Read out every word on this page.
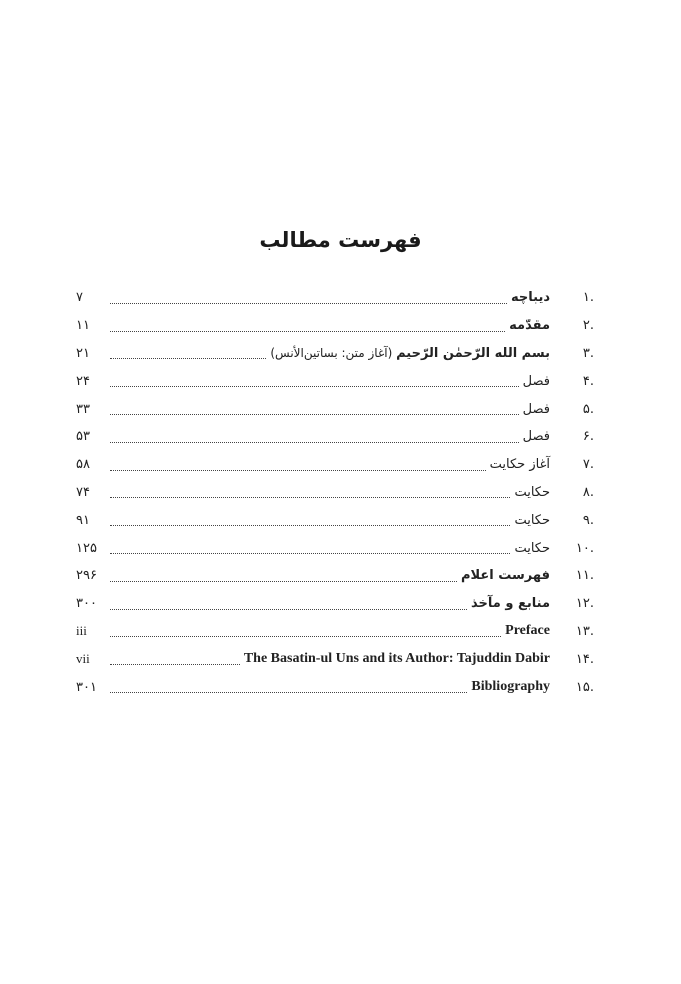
فهرست مطالب
.۱
دیباچه
۷
.۲
مقدّمه
۱۱
.۳
بسم الله الرّحمٰن الرّحیم (آغاز متن: بساتین‌الأنس)
۲۱
.۴
فصل
۲۴
.۵
فصل
۳۳
.۶
فصل
۵۳
.۷
آغاز حکایت
۵۸
.۸
حکایت
۷۴
.۹
حکایت
۹۱
.۱۰
حکایت
۱۲۵
.۱۱
فهرست اعلام
۲۹۶
.۱۲
منابع و مآخذ
۳۰۰
.۱۳
Preface
iii
.۱۴
The Basatin-ul Uns and its Author: Tajuddin Dabir
vii
.۱۵
Bibliography
۳۰۱
